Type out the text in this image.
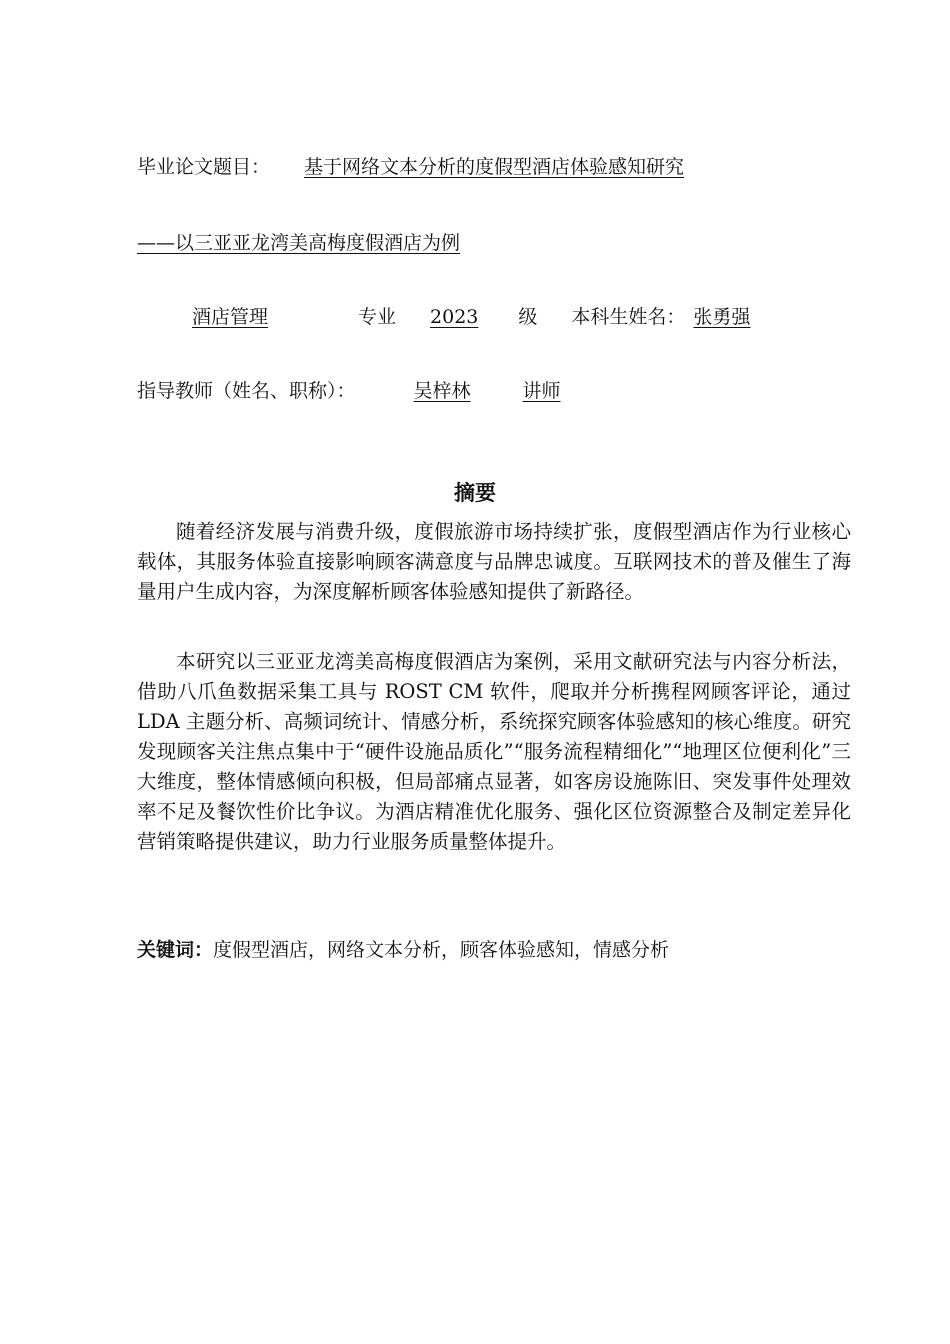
毕业论文题目： 基于网络文本分析的度假型酒店体验感知研究
——以三亚亚龙湾美高梅度假酒店为例
酒店管理	专业 2023 级 本科生姓名： 张勇强
指导教师（姓名、职称）：	吴梓林	讲师
摘要

随着经济发展与消费升级，度假旅游市场持续扩张，度假型酒店作为行业核心载体，其服务体验直接影响顾客满意度与品牌忠诚度。互联网技术的普及催生了海量用户生成内容，为深度解析顾客体验感知提供了新路径。

本研究以三亚亚龙湾美高梅度假酒店为案例，采用文献研究法与内容分析法，借助八爪鱼数据采集工具与 ROST CM 软件，爬取并分析携程网顾客评论，通过 LDA 主题分析、高频词统计、情感分析，系统探究顾客体验感知的核心维度。研究发现顾客关注焦点集中于“硬件设施品质化”“服务流程精细化”“地理区位便利化”三大维度，整体情感倾向积极，但局部痛点显著，如客房设施陈旧、突发事件处理效率不足及餐饮性价比争议。为酒店精准优化服务、强化区位资源整合及制定差异化营销策略提供建议，助力行业服务质量整体提升。

关键词：度假型酒店，网络文本分析，顾客体验感知，情感分析
